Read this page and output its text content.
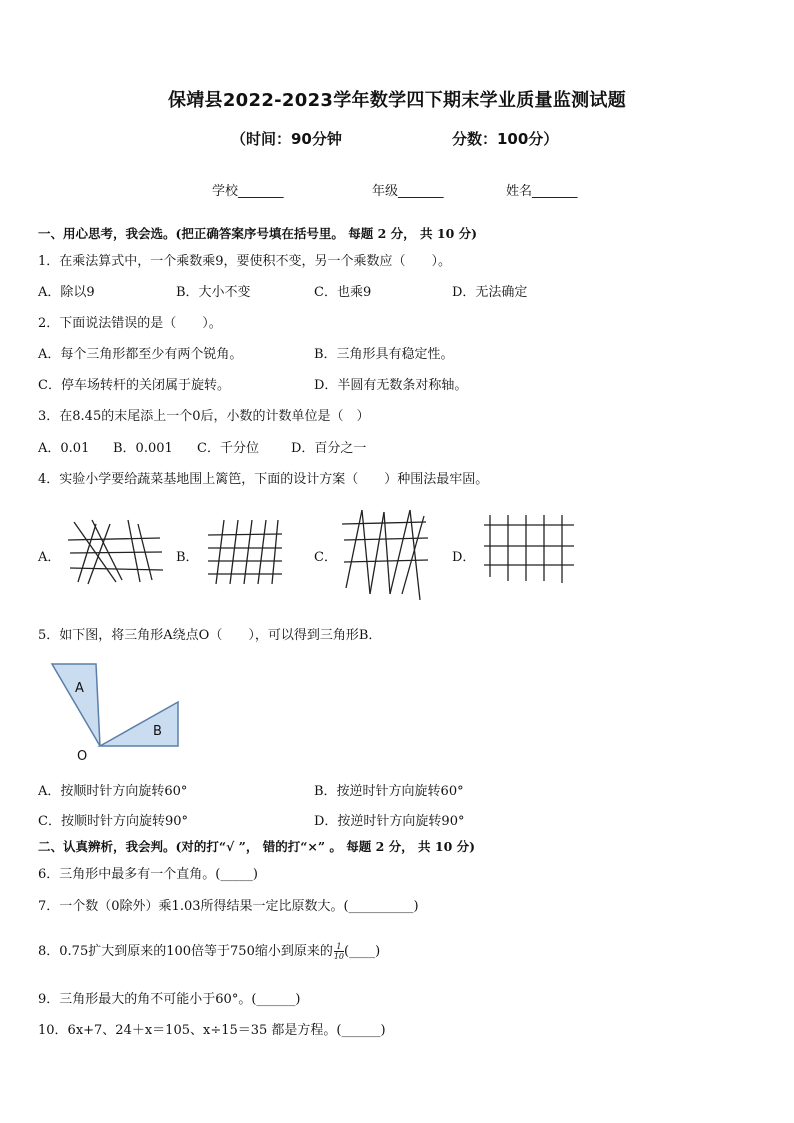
保靖县2022-2023学年数学四下期末学业质量监测试题
（时间：90分钟	分数：100分）
学校_______	年级_______	姓名_______
一、用心思考，我会选。(把正确答案序号填在括号里。 每题 2 分， 共 10 分)
1．在乘法算式中，一个乘数乘9，要使积不变，另一个乘数应（　　）。
A．除以9	B．大小不变	C．也乘9	D．无法确定
2．下面说法错误的是（　　）。
A．每个三角形都至少有两个锐角。	B．三角形具有稳定性。
C．停车场转杆的关闭属于旋转。	D．半圆有无数条对称轴。
3．在8.45的末尾添上一个0后，小数的计数单位是（　）
A．0.01 B．0.001 C．千分位 D．百分之一
4．实验小学要给蔬菜基地围上篱笆，下面的设计方案（　　）种围法最牢固。
A．	B．	C．	D．
5．如下图，将三角形A绕点O（　　），可以得到三角形B．
A
B
O
A．按顺时针方向旋转60°	B．按逆时针方向旋转60°
C．按顺时针方向旋转90°	D．按逆时针方向旋转90°
二、认真辨析，我会判。(对的打“√ ”， 错的打“×” 。 每题 2 分， 共 10 分)
6．三角形中最多有一个直角。(_____)
7．一个数（0除外）乘1.03所得结果一定比原数大。(__________)
8．0.75扩大到原来的100倍等于750缩小到原来的 $\frac{1}{10}$ (____)
9．三角形最大的角不可能小于60°。(______)
10．6x+7、24＋x＝105、x÷15＝35 都是方程。(______)
